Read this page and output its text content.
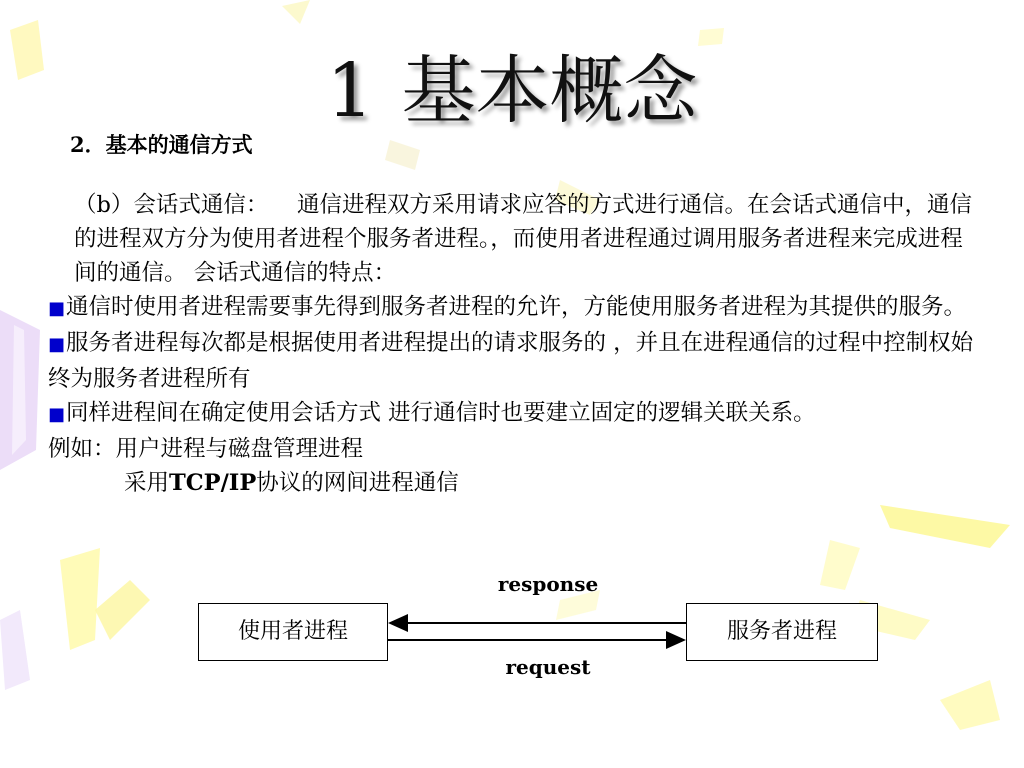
1 基本概念
2．基本的通信方式

（b）会话式通信： 通信进程双方采用请求应答的方式进行通信。在会话式通信中，通信的进程双方分为使用者进程个服务者进程。，而使用者进程通过调用服务者进程来完成进程间的通信。 会话式通信的特点：

■通信时使用者进程需要事先得到服务者进程的允许，方能使用服务者进程为其提供的服务。

■服务者进程每次都是根据使用者进程提出的请求服务的 ，并且在进程通信的过程中控制权始终为服务者进程所有

■同样进程间在确定使用会话方式 进行通信时也要建立固定的逻辑关联关系。

例如：用户进程与磁盘管理进程

采用TCP/IP协议的网间进程通信

response
使用者进程	服务者进程
request
